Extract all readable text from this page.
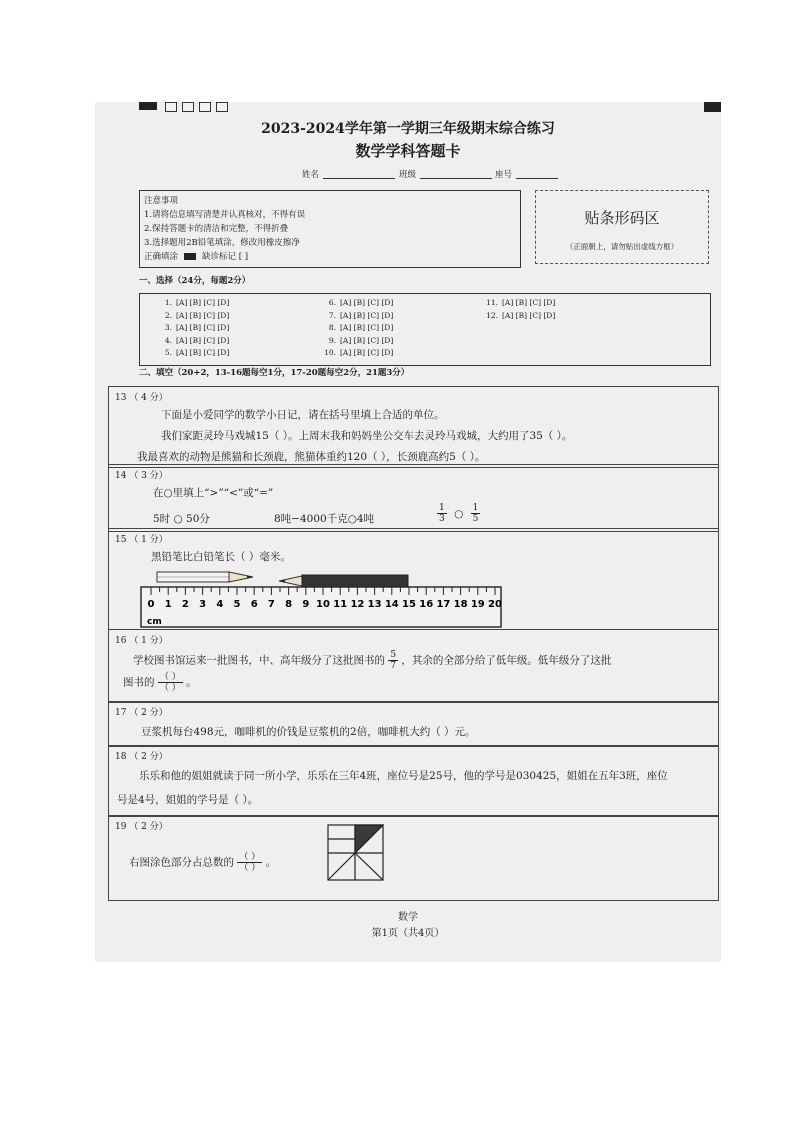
2023-2024学年第一学期三年级期末综合练习
数学学科答题卡
姓名	班级	座号
注意事项
1.请将信息填写清楚并认真核对，不得有误
2.保持答题卡的清洁和完整，不得折叠
3.选择题用2B铅笔填涂，修改用橡皮擦净
正确填涂	缺诊标记 [ ]
贴条形码区
（正面朝上，请勿贴出虚线方框）
一、选择（24分，每题2分）
1.[A] [B] [C] [D]
2.[A] [B] [C] [D]
3.[A] [B] [C] [D]
4.[A] [B] [C] [D]
5.[A] [B] [C] [D]
6.[A] [B] [C] [D]
7.[A] [B] [C] [D]
8.[A] [B] [C] [D]
9.[A] [B] [C] [D]
10.[A] [B] [C] [D]
11.[A] [B] [C] [D]
12.[A] [B] [C] [D]
二、填空（20+2，13-16题每空1分，17-20题每空2分，21题3分）
13 （ 4 分）
下面是小爱同学的数学小日记，请在括号里填上合适的单位。
我们家距灵玲马戏城15（ ）。上周末我和妈妈坐公交车去灵玲马戏城，大约用了35（ ）。
我最喜欢的动物是熊猫和长颈鹿，熊猫体重约120（ ），长颈鹿高约5（ ）。
14 （ 3 分）
在○里填上“>”“<”或“=”
5时 ○ 50分	8吨−4000千克○4吨	$\frac{1}{3}$ ○ $\frac{1}{5}$
15 （ 1 分）
黑铅笔比白铅笔长（ ）毫米。
cm
0 1 2 3 4 5 6 7 8 9 10 11 12 13 14 15 16 17 18 19 20
16 （ 1 分）
学校图书馆运来一批图书，中、高年级分了这批图书的 $\frac{5}{7}$ ，其余的全部分给了低年级。低年级分了这批
图书的 $\frac{( )}{( )}$ 。
17 （ 2 分）
豆浆机每台498元，咖啡机的价钱是豆浆机的2倍，咖啡机大约（ ）元。
18 （ 2 分）
乐乐和他的姐姐就读于同一所小学，乐乐在三年4班，座位号是25号，他的学号是030425，姐姐在五年3班，座位
号是4号，姐姐的学号是（ ）。
19 （ 2 分）
右图涂色部分占总数的 $\frac{( )}{( )}$ 。
数学
第1页（共4页）
